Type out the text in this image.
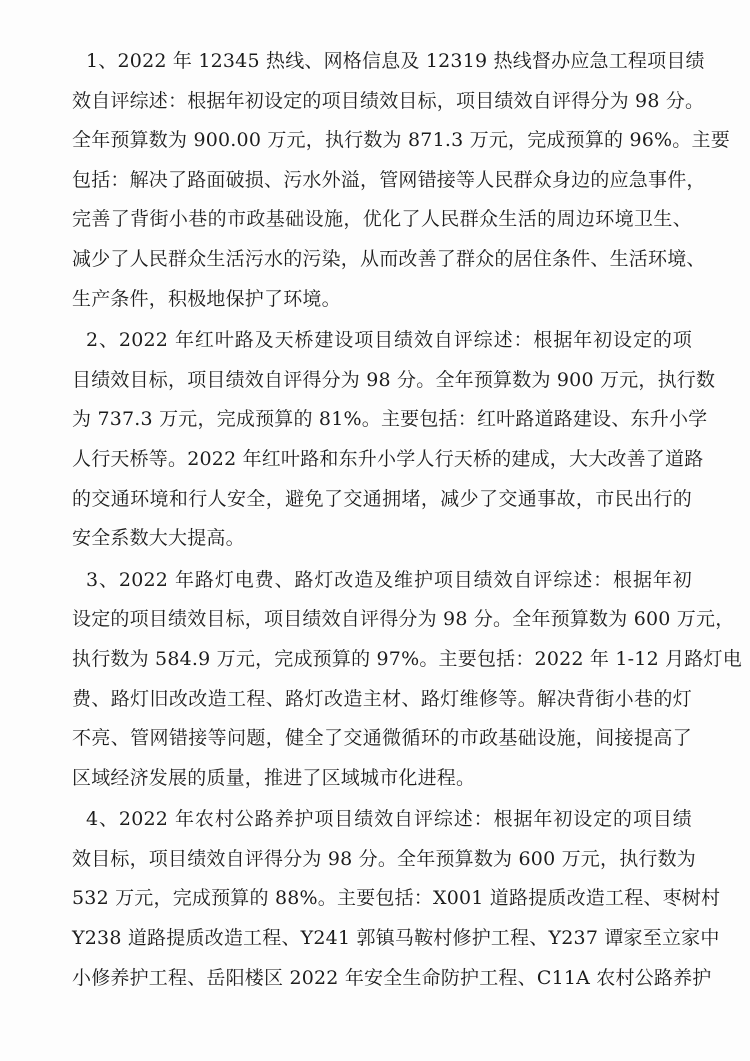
1、2022 年 12345 热线、网格信息及 12319 热线督办应急工程项目绩
效自评综述：根据年初设定的项目绩效目标，项目绩效自评得分为 98 分。
全年预算数为 900.00 万元，执行数为 871.3 万元，完成预算的 96%。主要
包括：解决了路面破损、污水外溢，管网错接等人民群众身边的应急事件，
完善了背街小巷的市政基础设施，优化了人民群众生活的周边环境卫生、
减少了人民群众生活污水的污染，从而改善了群众的居住条件、生活环境、
生产条件，积极地保护了环境。
2、2022 年红叶路及天桥建设项目绩效自评综述：根据年初设定的项
目绩效目标，项目绩效自评得分为 98 分。全年预算数为 900 万元，执行数
为 737.3 万元，完成预算的 81%。主要包括：红叶路道路建设、东升小学
人行天桥等。2022 年红叶路和东升小学人行天桥的建成，大大改善了道路
的交通环境和行人安全，避免了交通拥堵，减少了交通事故，市民出行的
安全系数大大提高。
3、2022 年路灯电费、路灯改造及维护项目绩效自评综述：根据年初
设定的项目绩效目标，项目绩效自评得分为 98 分。全年预算数为 600 万元，
执行数为 584.9 万元，完成预算的 97%。主要包括：2022 年 1-12 月路灯电
费、路灯旧改改造工程、路灯改造主材、路灯维修等。解决背街小巷的灯
不亮、管网错接等问题，健全了交通微循环的市政基础设施，间接提高了
区域经济发展的质量，推进了区域城市化进程。
4、2022 年农村公路养护项目绩效自评综述：根据年初设定的项目绩
效目标，项目绩效自评得分为 98 分。全年预算数为 600 万元，执行数为
532 万元，完成预算的 88%。主要包括：X001 道路提质改造工程、枣树村
Y238 道路提质改造工程、Y241 郭镇马鞍村修护工程、Y237 谭家至立家中
小修养护工程、岳阳楼区 2022 年安全生命防护工程、C11A 农村公路养护
